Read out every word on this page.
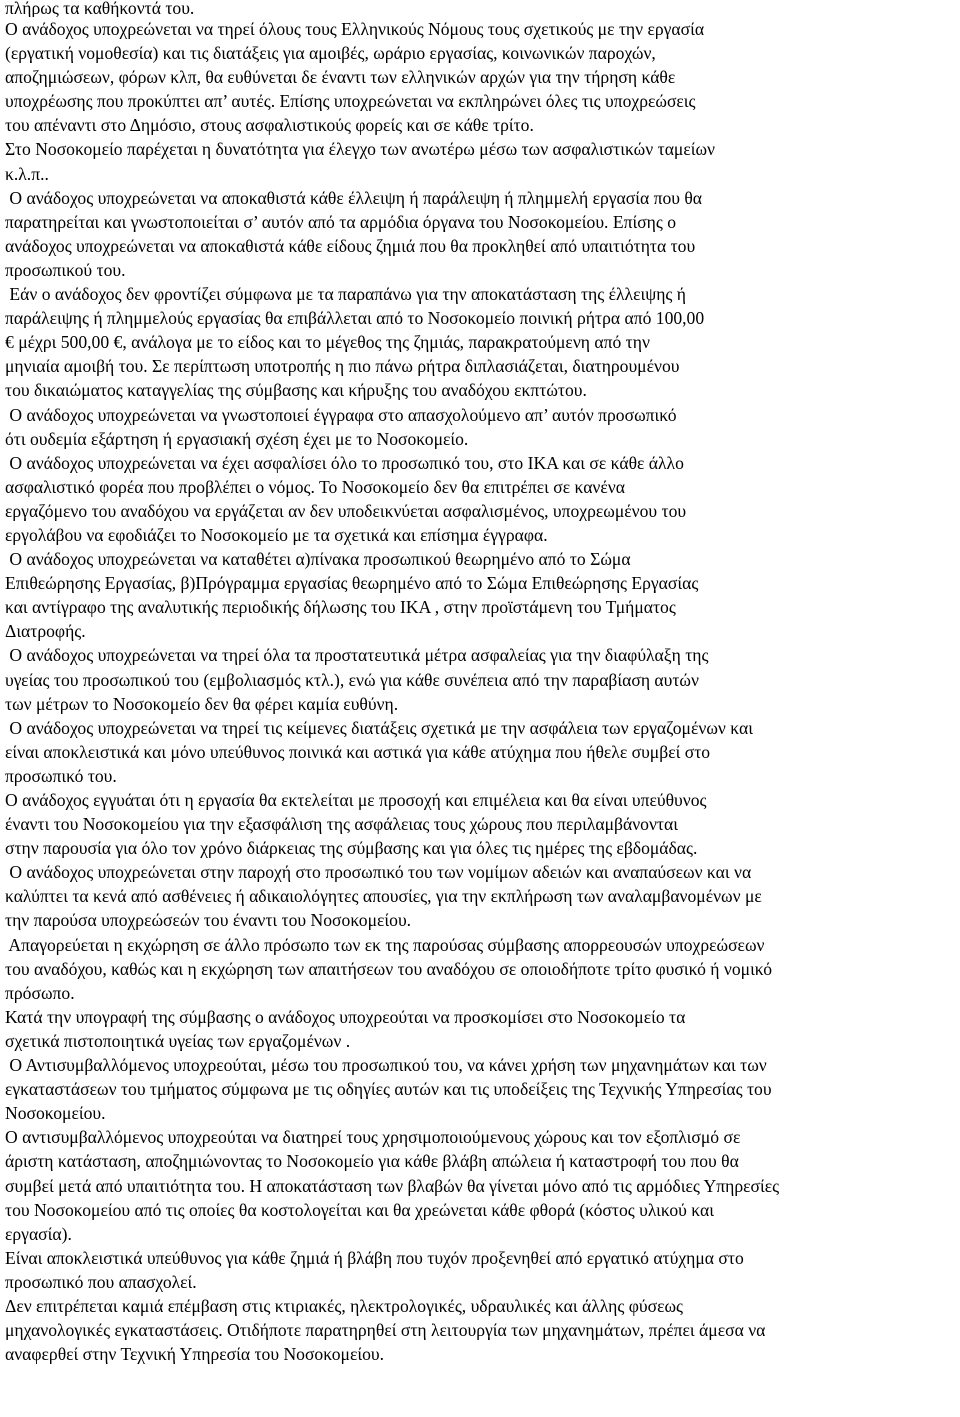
πλήρως τα καθήκοντά του.
Ο ανάδοχος υποχρεώνεται να τηρεί όλους τους Ελληνικούς Νόμους τους σχετικούς με την εργασία
(εργατική νομοθεσία) και τις διατάξεις για αμοιβές, ωράριο εργασίας, κοινωνικών παροχών,
αποζημιώσεων, φόρων κλπ, θα ευθύνεται δε έναντι των ελληνικών αρχών για την τήρηση κάθε
υποχρέωσης που προκύπτει απ’ αυτές. Επίσης υποχρεώνεται να εκπληρώνει όλες τις υποχρεώσεις
του απέναντι στο Δημόσιο, στους ασφαλιστικούς φορείς και σε κάθε τρίτο.
Στο Νοσοκομείο παρέχεται η δυνατότητα για έλεγχο των ανωτέρω μέσω των ασφαλιστικών ταμείων
κ.λ.π..
Ο ανάδοχος υποχρεώνεται να αποκαθιστά κάθε έλλειψη ή παράλειψη ή πλημμελή εργασία που θα
παρατηρείται και γνωστοποιείται σ’ αυτόν από τα αρμόδια όργανα του Νοσοκομείου. Επίσης ο
ανάδοχος υποχρεώνεται να αποκαθιστά κάθε είδους ζημιά που θα προκληθεί από υπαιτιότητα του
προσωπικού του.
Εάν ο ανάδοχος δεν φροντίζει σύμφωνα με τα παραπάνω για την αποκατάσταση της έλλειψης ή
παράλειψης ή πλημμελούς εργασίας θα επιβάλλεται από το Νοσοκομείο ποινική ρήτρα από 100,00
€ μέχρι 500,00 €, ανάλογα με το είδος και το μέγεθος της ζημιάς, παρακρατούμενη από την
μηνιαία αμοιβή του. Σε περίπτωση υποτροπής η πιο πάνω ρήτρα διπλασιάζεται, διατηρουμένου
του δικαιώματος καταγγελίας της σύμβασης και κήρυξης του αναδόχου εκπτώτου.
Ο ανάδοχος υποχρεώνεται να γνωστοποιεί έγγραφα στο απασχολούμενο απ’ αυτόν προσωπικό
ότι ουδεμία εξάρτηση ή εργασιακή σχέση έχει με το Νοσοκομείο.
Ο ανάδοχος υποχρεώνεται να έχει ασφαλίσει όλο το προσωπικό του, στο ΙΚΑ και σε κάθε άλλο
ασφαλιστικό φορέα που προβλέπει ο νόμος. Το Νοσοκομείο δεν θα επιτρέπει σε κανένα
εργαζόμενο του αναδόχου να εργάζεται αν δεν υποδεικνύεται ασφαλισμένος, υποχρεωμένου του
εργολάβου να εφοδιάζει το Νοσοκομείο με τα σχετικά και επίσημα έγγραφα.
Ο ανάδοχος υποχρεώνεται να καταθέτει α)πίνακα προσωπικού θεωρημένο από το Σώμα
Επιθεώρησης Εργασίας, β)Πρόγραμμα εργασίας θεωρημένο από το Σώμα Επιθεώρησης Εργασίας
και αντίγραφο της αναλυτικής περιοδικής δήλωσης του ΙΚΑ , στην προϊστάμενη του Τμήματος
Διατροφής.
Ο ανάδοχος υποχρεώνεται να τηρεί όλα τα προστατευτικά μέτρα ασφαλείας για την διαφύλαξη της
υγείας του προσωπικού του (εμβολιασμός κτλ.), ενώ για κάθε συνέπεια από την παραβίαση αυτών
των μέτρων το Νοσοκομείο δεν θα φέρει καμία ευθύνη.
Ο ανάδοχος υποχρεώνεται να τηρεί τις κείμενες διατάξεις σχετικά με την ασφάλεια των εργαζομένων και
είναι αποκλειστικά και μόνο υπεύθυνος ποινικά και αστικά για κάθε ατύχημα που ήθελε συμβεί στο
προσωπικό του.
Ο ανάδοχος εγγυάται ότι η εργασία θα εκτελείται με προσοχή και επιμέλεια και θα είναι υπεύθυνος
έναντι του Νοσοκομείου για την εξασφάλιση της ασφάλειας τους χώρους που περιλαμβάνονται
στην παρουσία για όλο τον χρόνο διάρκειας της σύμβασης και για όλες τις ημέρες της εβδομάδας.
Ο ανάδοχος υποχρεώνεται στην παροχή στο προσωπικό του των νομίμων αδειών και αναπαύσεων και να
καλύπτει τα κενά από ασθένειες ή αδικαιολόγητες απουσίες, για την εκπλήρωση των αναλαμβανομένων με
την παρούσα υποχρεώσεών του έναντι του Νοσοκομείου.
Απαγορεύεται η εκχώρηση σε άλλο πρόσωπο των εκ της παρούσας σύμβασης απορρεουσών υποχρεώσεων
του αναδόχου, καθώς και η εκχώρηση των απαιτήσεων του αναδόχου σε οποιοδήποτε τρίτο φυσικό ή νομικό
πρόσωπο.
Κατά την υπογραφή της σύμβασης ο ανάδοχος υποχρεούται να προσκομίσει στο Νοσοκομείο τα
σχετικά πιστοποιητικά υγείας των εργαζομένων .
Ο Αντισυμβαλλόμενος υποχρεούται, μέσω του προσωπικού του, να κάνει χρήση των μηχανημάτων και των
εγκαταστάσεων του τμήματος σύμφωνα με τις οδηγίες αυτών και τις υποδείξεις της Τεχνικής Υπηρεσίας του
Νοσοκομείου.
Ο αντισυμβαλλόμενος υποχρεούται να διατηρεί τους χρησιμοποιούμενους χώρους και τον εξοπλισμό σε
άριστη κατάσταση, αποζημιώνοντας το Νοσοκομείο για κάθε βλάβη απώλεια ή καταστροφή του που θα
συμβεί μετά από υπαιτιότητα του. Η αποκατάσταση των βλαβών θα γίνεται μόνο από τις αρμόδιες Υπηρεσίες
του Νοσοκομείου από τις οποίες θα κοστολογείται και θα χρεώνεται κάθε φθορά (κόστος υλικού και
εργασία).
Είναι αποκλειστικά υπεύθυνος για κάθε ζημιά ή βλάβη που τυχόν προξενηθεί από εργατικό ατύχημα στο
προσωπικό που απασχολεί.
Δεν επιτρέπεται καμιά επέμβαση στις κτιριακές, ηλεκτρολογικές, υδραυλικές και άλλης φύσεως
μηχανολογικές εγκαταστάσεις. Οτιδήποτε παρατηρηθεί στη λειτουργία των μηχανημάτων, πρέπει άμεσα να
αναφερθεί στην Τεχνική Υπηρεσία του Νοσοκομείου.
